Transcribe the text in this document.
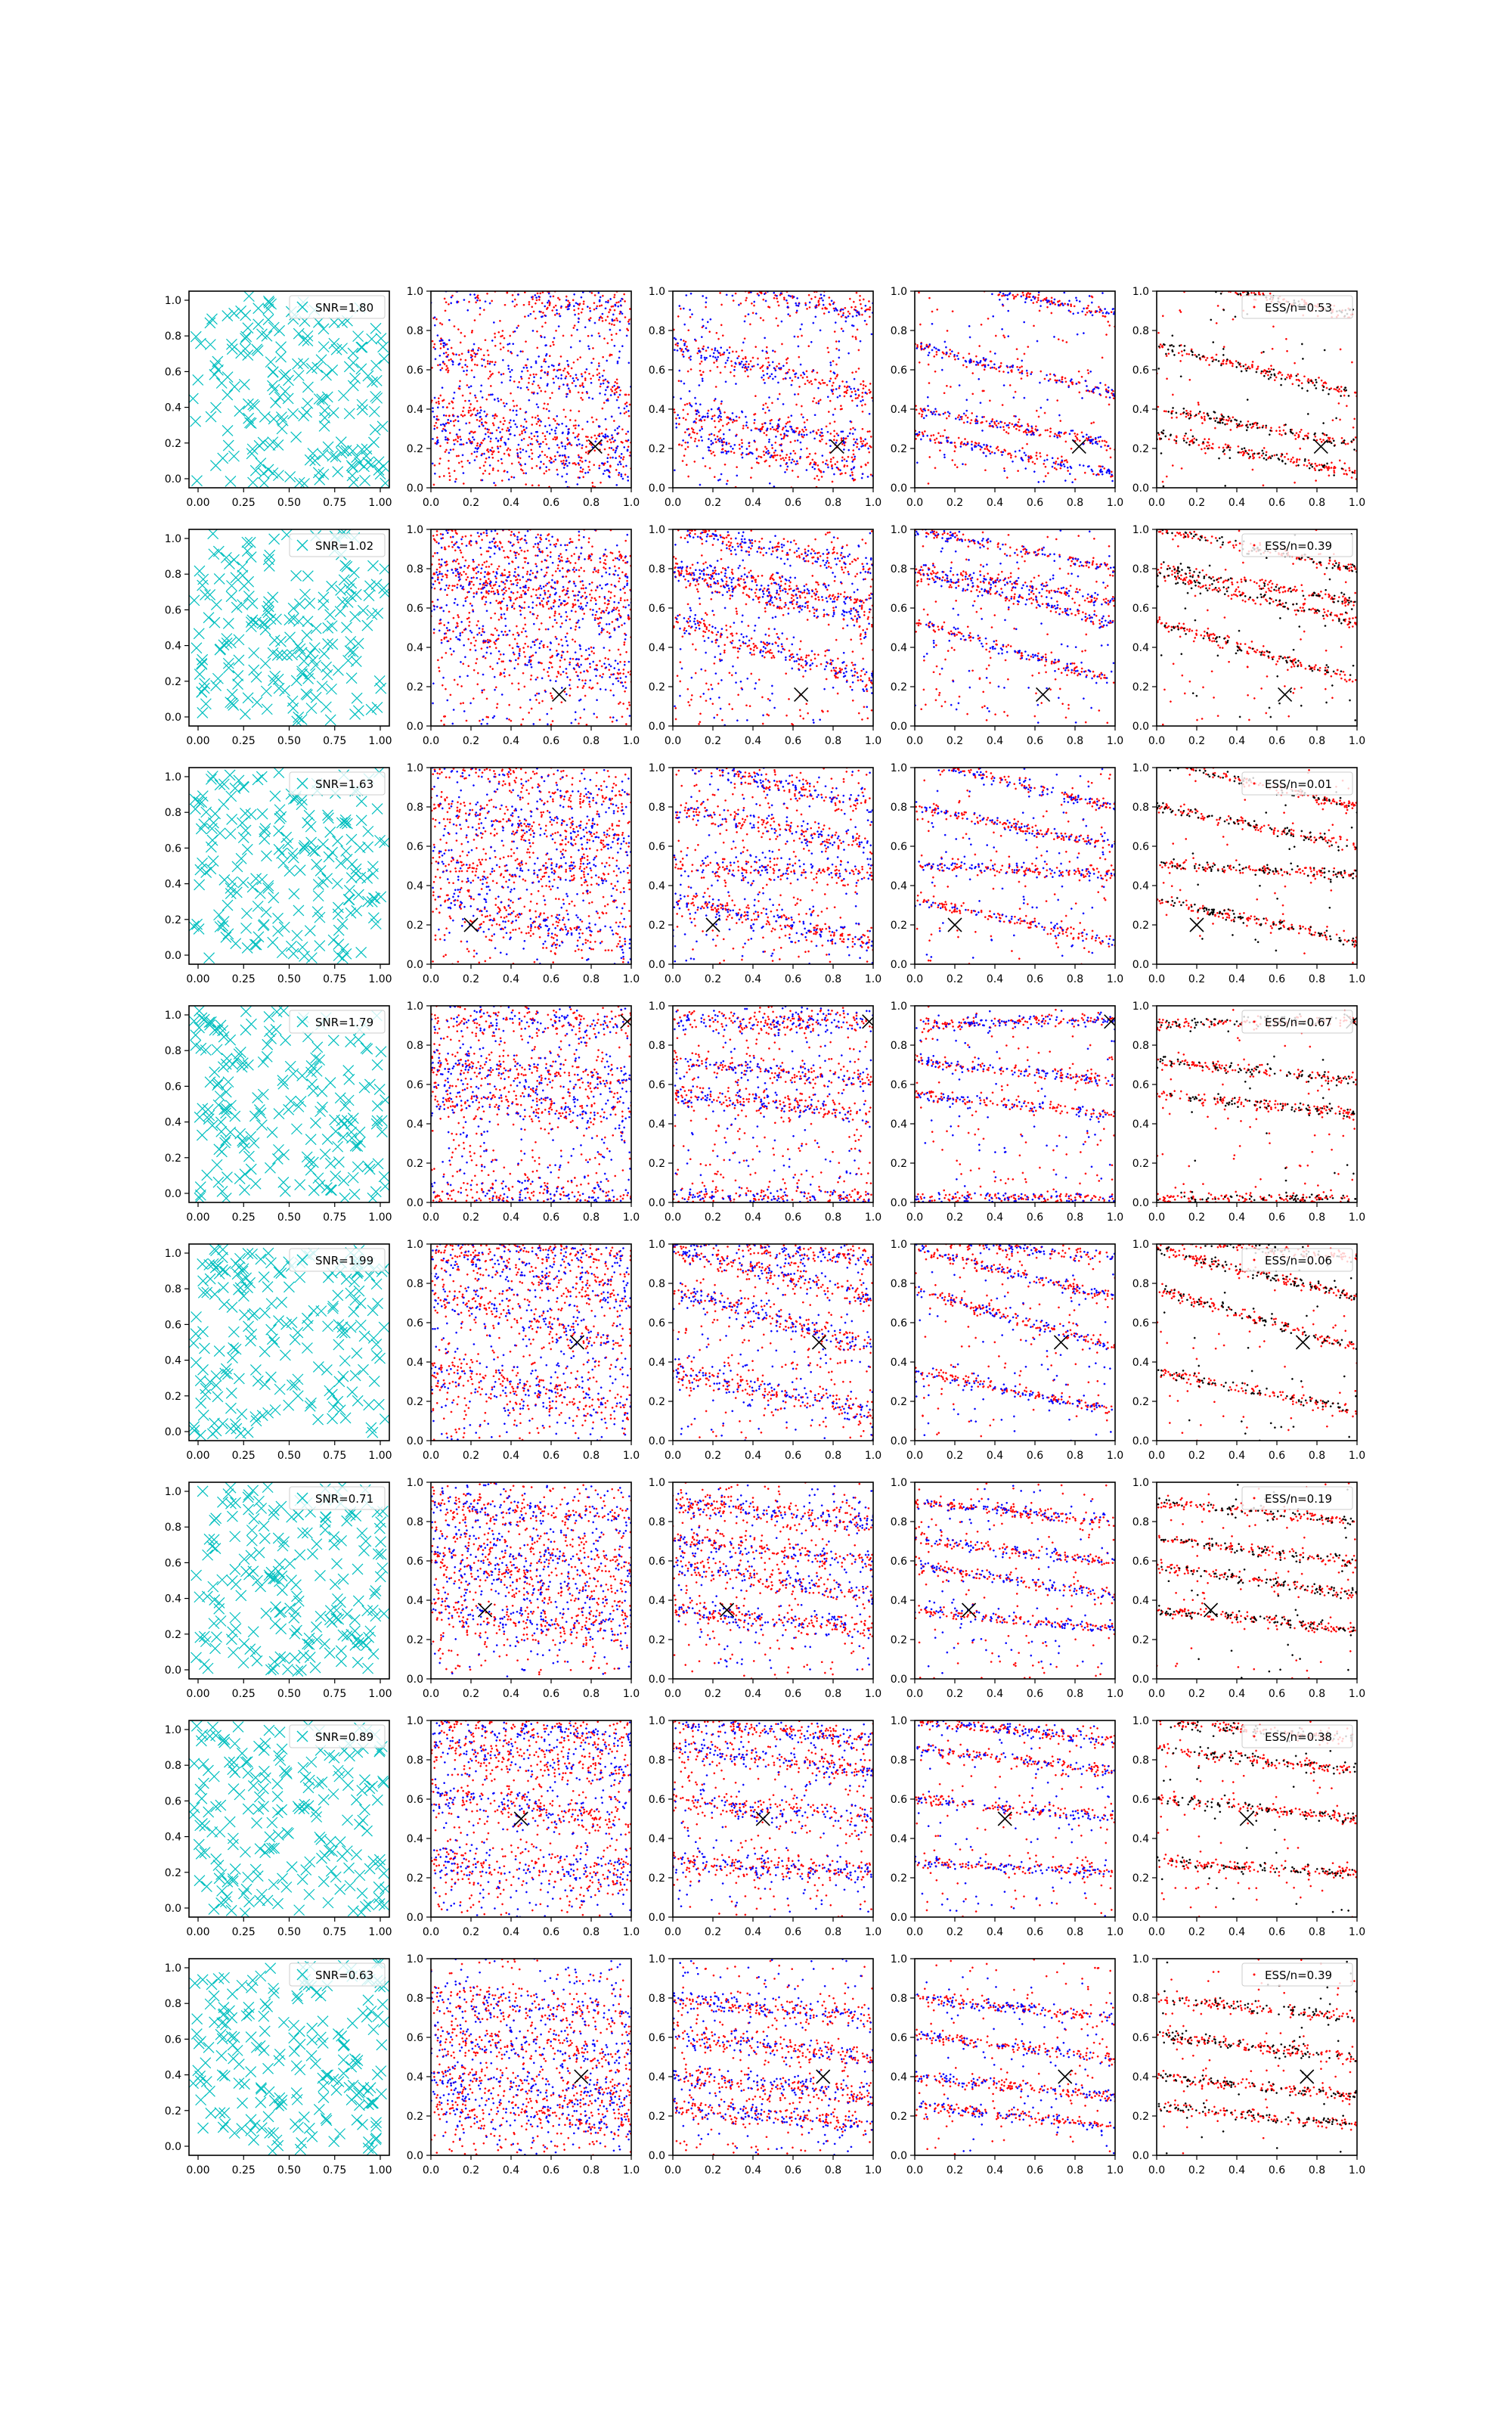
0.0
0.2
0.4
0.6
0.8
1.0
0.00 0.25 0.50 0.75 1.00
SNR=1.80
0.0
0.2
0.4
0.6
0.8
1.0
0.0 0.2 0.4 0.6 0.8 1.0
0.0
0.2
0.4
0.6
0.8
1.0
0.0 0.2 0.4 0.6 0.8 1.0
0.0
0.2
0.4
0.6
0.8
1.0
0.0 0.2 0.4 0.6 0.8 1.0
0.0
0.2
0.4
0.6
0.8
1.0
0.0 0.2 0.4 0.6 0.8 1.0
ESS/n=0.53
0.0
0.2
0.4
0.6
0.8
1.0
0.00 0.25 0.50 0.75 1.00
SNR=1.02
0.0
0.2
0.4
0.6
0.8
1.0
0.0 0.2 0.4 0.6 0.8 1.0
0.0
0.2
0.4
0.6
0.8
1.0
0.0 0.2 0.4 0.6 0.8 1.0
0.0
0.2
0.4
0.6
0.8
1.0
0.0 0.2 0.4 0.6 0.8 1.0
0.0
0.2
0.4
0.6
0.8
1.0
0.0 0.2 0.4 0.6 0.8 1.0
ESS/n=0.39
0.0
0.2
0.4
0.6
0.8
1.0
0.00 0.25 0.50 0.75 1.00
SNR=1.63
0.0
0.2
0.4
0.6
0.8
1.0
0.0 0.2 0.4 0.6 0.8 1.0
0.0
0.2
0.4
0.6
0.8
1.0
0.0 0.2 0.4 0.6 0.8 1.0
0.0
0.2
0.4
0.6
0.8
1.0
0.0 0.2 0.4 0.6 0.8 1.0
0.0
0.2
0.4
0.6
0.8
1.0
0.0 0.2 0.4 0.6 0.8 1.0
ESS/n=0.01
0.0
0.2
0.4
0.6
0.8
1.0
0.00 0.25 0.50 0.75 1.00
SNR=1.79
0.0
0.2
0.4
0.6
0.8
1.0
0.0 0.2 0.4 0.6 0.8 1.0
0.0
0.2
0.4
0.6
0.8
1.0
0.0 0.2 0.4 0.6 0.8 1.0
0.0
0.2
0.4
0.6
0.8
1.0
0.0 0.2 0.4 0.6 0.8 1.0
0.0
0.2
0.4
0.6
0.8
1.0
0.0 0.2 0.4 0.6 0.8 1.0
ESS/n=0.67
0.0
0.2
0.4
0.6
0.8
1.0
0.00 0.25 0.50 0.75 1.00
SNR=1.99
0.0
0.2
0.4
0.6
0.8
1.0
0.0 0.2 0.4 0.6 0.8 1.0
0.0
0.2
0.4
0.6
0.8
1.0
0.0 0.2 0.4 0.6 0.8 1.0
0.0
0.2
0.4
0.6
0.8
1.0
0.0 0.2 0.4 0.6 0.8 1.0
0.0
0.2
0.4
0.6
0.8
1.0
0.0 0.2 0.4 0.6 0.8 1.0
ESS/n=0.06
0.0
0.2
0.4
0.6
0.8
1.0
0.00 0.25 0.50 0.75 1.00
SNR=0.71
0.0
0.2
0.4
0.6
0.8
1.0
0.0 0.2 0.4 0.6 0.8 1.0
0.0
0.2
0.4
0.6
0.8
1.0
0.0 0.2 0.4 0.6 0.8 1.0
0.0
0.2
0.4
0.6
0.8
1.0
0.0 0.2 0.4 0.6 0.8 1.0
0.0
0.2
0.4
0.6
0.8
1.0
0.0 0.2 0.4 0.6 0.8 1.0
ESS/n=0.19
0.0
0.2
0.4
0.6
0.8
1.0
0.00 0.25 0.50 0.75 1.00
SNR=0.89
0.0
0.2
0.4
0.6
0.8
1.0
0.0 0.2 0.4 0.6 0.8 1.0
0.0
0.2
0.4
0.6
0.8
1.0
0.0 0.2 0.4 0.6 0.8 1.0
0.0
0.2
0.4
0.6
0.8
1.0
0.0 0.2 0.4 0.6 0.8 1.0
0.0
0.2
0.4
0.6
0.8
1.0
0.0 0.2 0.4 0.6 0.8 1.0
ESS/n=0.38
0.0
0.2
0.4
0.6
0.8
1.0
0.00 0.25 0.50 0.75 1.00
SNR=0.63
0.0
0.2
0.4
0.6
0.8
1.0
0.0 0.2 0.4 0.6 0.8 1.0
0.0
0.2
0.4
0.6
0.8
1.0
0.0 0.2 0.4 0.6 0.8 1.0
0.0
0.2
0.4
0.6
0.8
1.0
0.0 0.2 0.4 0.6 0.8 1.0
0.0
0.2
0.4
0.6
0.8
1.0
0.0 0.2 0.4 0.6 0.8 1.0
ESS/n=0.39
